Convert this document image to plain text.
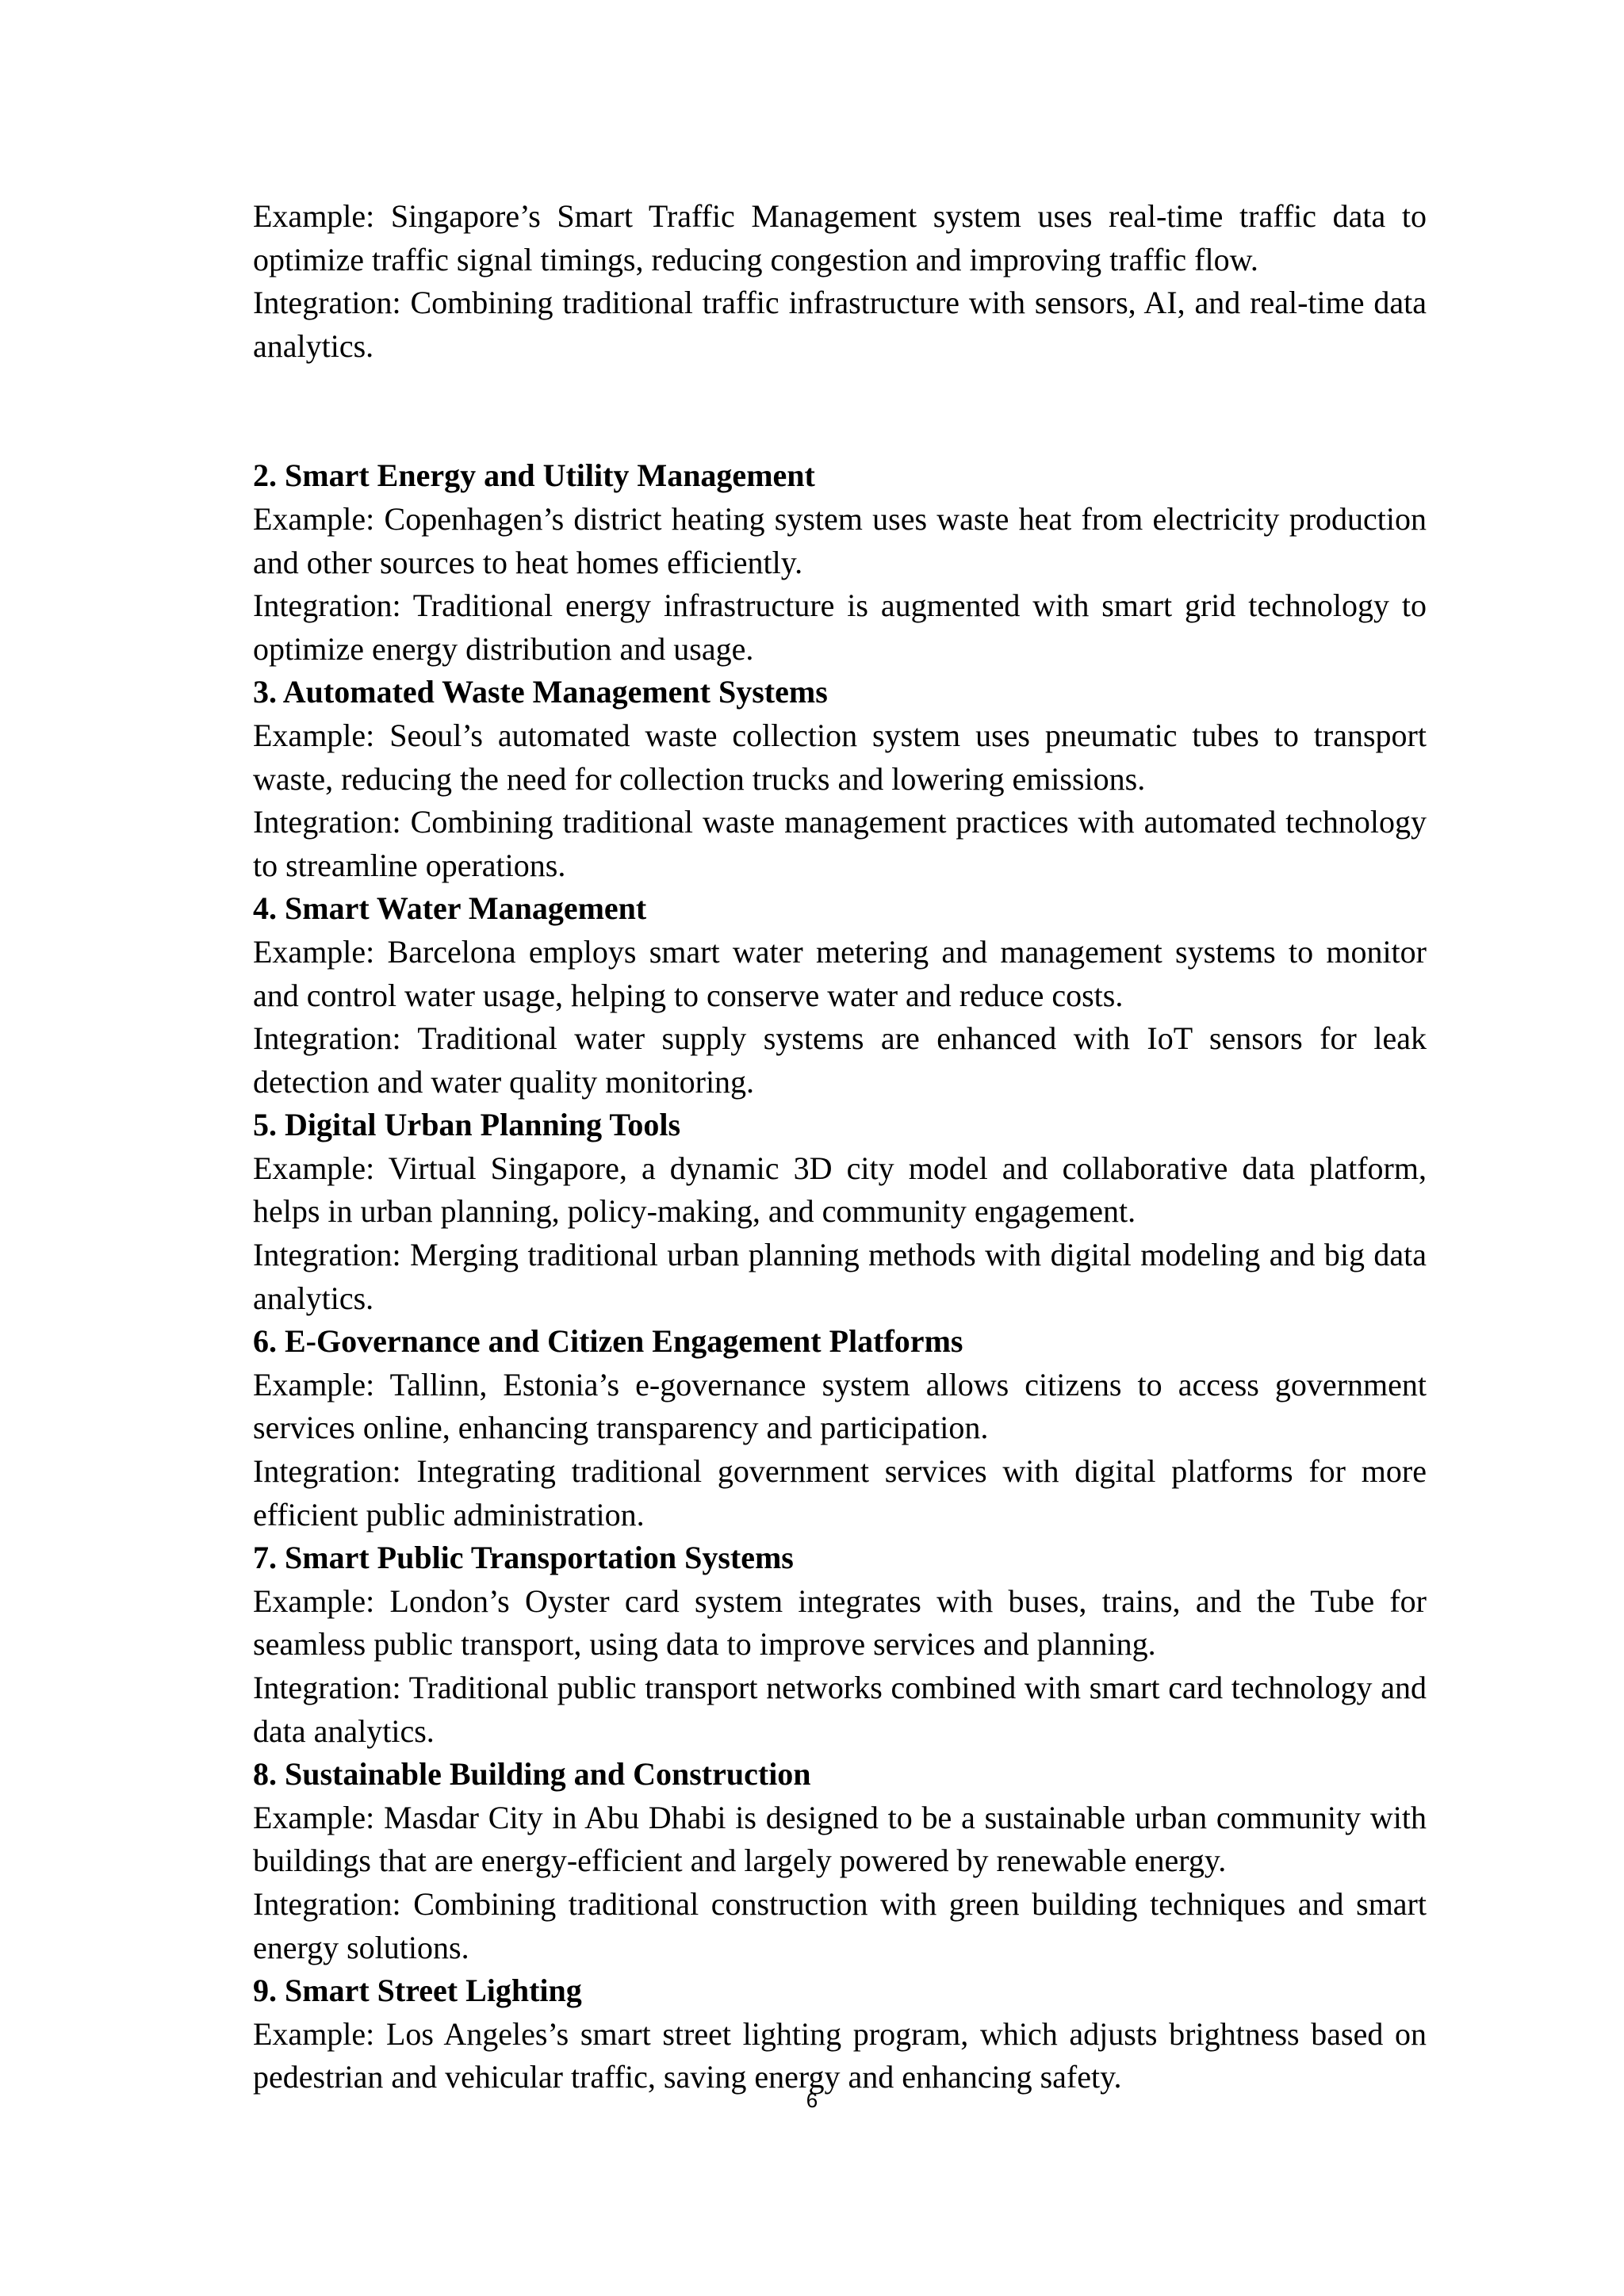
Example: Singapore’s Smart Traffic Management system uses real-time traffic data to optimize traffic signal timings, reducing congestion and improving traffic flow.

Integration: Combining traditional traffic infrastructure with sensors, AI, and real-time data analytics.

2. Smart Energy and Utility Management

Example: Copenhagen’s district heating system uses waste heat from electricity production and other sources to heat homes efficiently.

Integration: Traditional energy infrastructure is augmented with smart grid technology to optimize energy distribution and usage.

3. Automated Waste Management Systems

Example: Seoul’s automated waste collection system uses pneumatic tubes to transport waste, reducing the need for collection trucks and lowering emissions.

Integration: Combining traditional waste management practices with automated technology to streamline operations.

4. Smart Water Management

Example: Barcelona employs smart water metering and management systems to monitor and control water usage, helping to conserve water and reduce costs.

Integration: Traditional water supply systems are enhanced with IoT sensors for leak detection and water quality monitoring.

5. Digital Urban Planning Tools

Example: Virtual Singapore, a dynamic 3D city model and collaborative data platform, helps in urban planning, policy-making, and community engagement.

Integration: Merging traditional urban planning methods with digital modeling and big data analytics.

6. E-Governance and Citizen Engagement Platforms

Example: Tallinn, Estonia’s e-governance system allows citizens to access government services online, enhancing transparency and participation.

Integration: Integrating traditional government services with digital platforms for more efficient public administration.

7. Smart Public Transportation Systems

Example: London’s Oyster card system integrates with buses, trains, and the Tube for seamless public transport, using data to improve services and planning.

Integration: Traditional public transport networks combined with smart card technology and data analytics.

8. Sustainable Building and Construction

Example: Masdar City in Abu Dhabi is designed to be a sustainable urban community with buildings that are energy-efficient and largely powered by renewable energy.

Integration: Combining traditional construction with green building techniques and smart energy solutions.

9. Smart Street Lighting

Example: Los Angeles’s smart street lighting program, which adjusts brightness based on pedestrian and vehicular traffic, saving energy and enhancing safety.

6
